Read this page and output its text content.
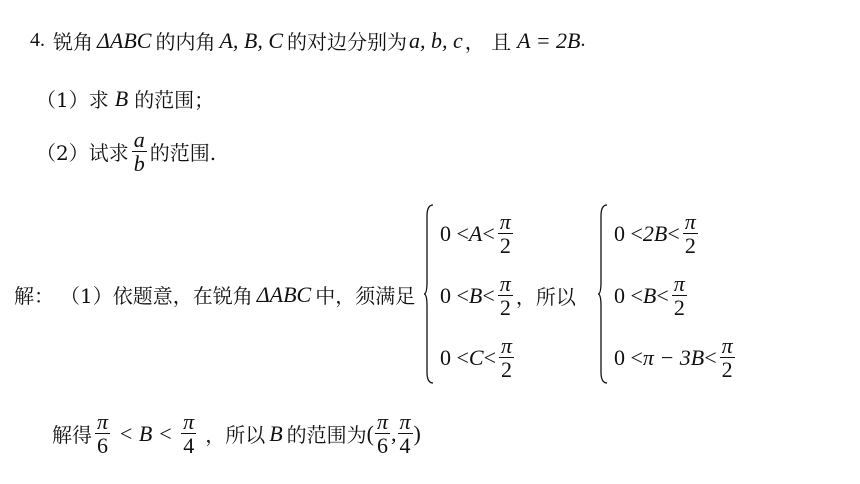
4. 锐角 ΔABC 的内角 A, B, C 的对边分别为 a, b, c ， 且 A = 2B .
（1）求 B 的范围；
（2）试求 $\frac{a}{b}$ 的范围.
解： （1）依题意，在锐角 ΔABC 中，须满足
$0 < A < \frac{\pi}{2}$
$0 < B < \frac{\pi}{2}$ ， 所以
$0 < C < \frac{\pi}{2}$
$0 < 2B < \frac{\pi}{2}$
$0 < B < \frac{\pi}{2}$
$0 < \pi - 3B < \frac{\pi}{2}$
解得 $\frac{\pi}{6} < B < \frac{\pi}{4}$ ，所以 B 的范围为 ( $\frac{\pi}{6}$ , $\frac{\pi}{4}$ )
